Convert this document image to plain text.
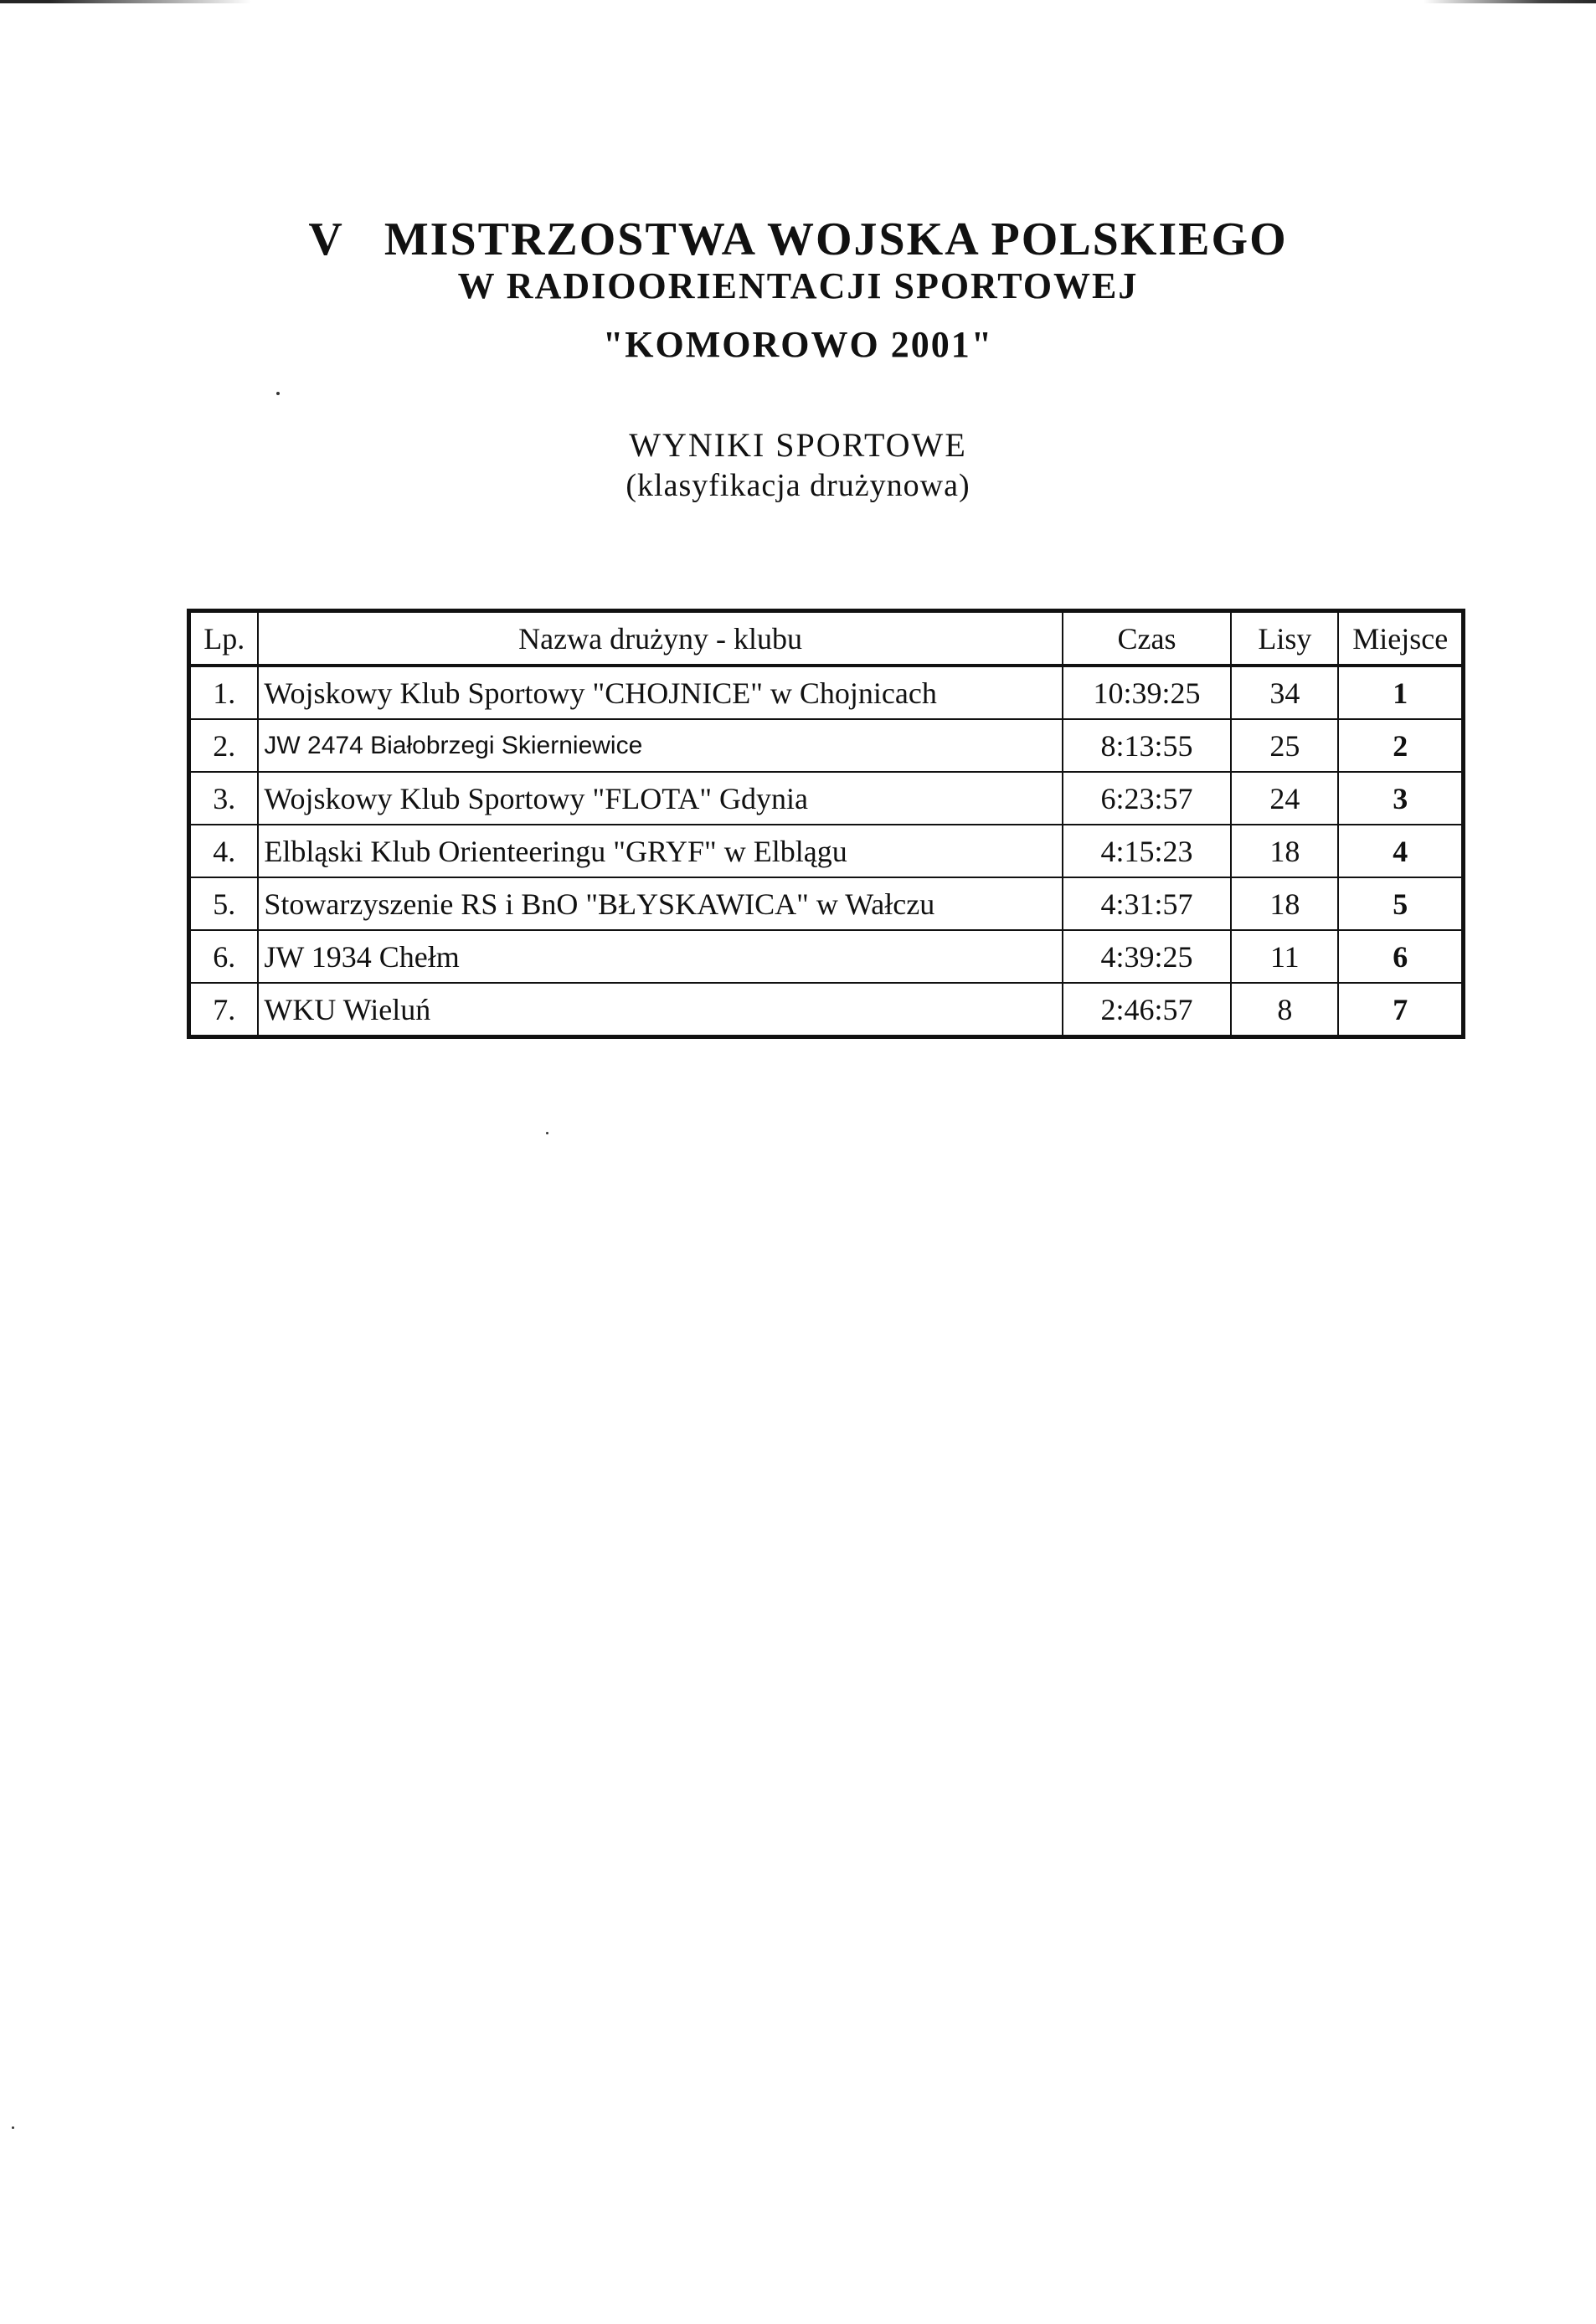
V MISTRZOSTWA WOJSKA POLSKIEGO
W RADIOORIENTACJI SPORTOWEJ
"KOMOROWO 2001"
WYNIKI SPORTOWE
(klasyfikacja drużynowa)
Lp.	Nazwa drużyny - klubu	Czas	Lisy	Miejsce
1.	Wojskowy Klub Sportowy "CHOJNICE" w Chojnicach	10:39:25	34	1
2.	JW 2474 Białobrzegi Skierniewice	8:13:55	25	2
3.	Wojskowy Klub Sportowy "FLOTA" Gdynia	6:23:57	24	3
4.	Elbląski Klub Orienteeringu "GRYF" w Elblągu	4:15:23	18	4
5.	Stowarzyszenie RS i BnO "BŁYSKAWICA" w Wałczu	4:31:57	18	5
6.	JW 1934 Chełm	4:39:25	11	6
7.	WKU Wieluń	2:46:57	8	7
